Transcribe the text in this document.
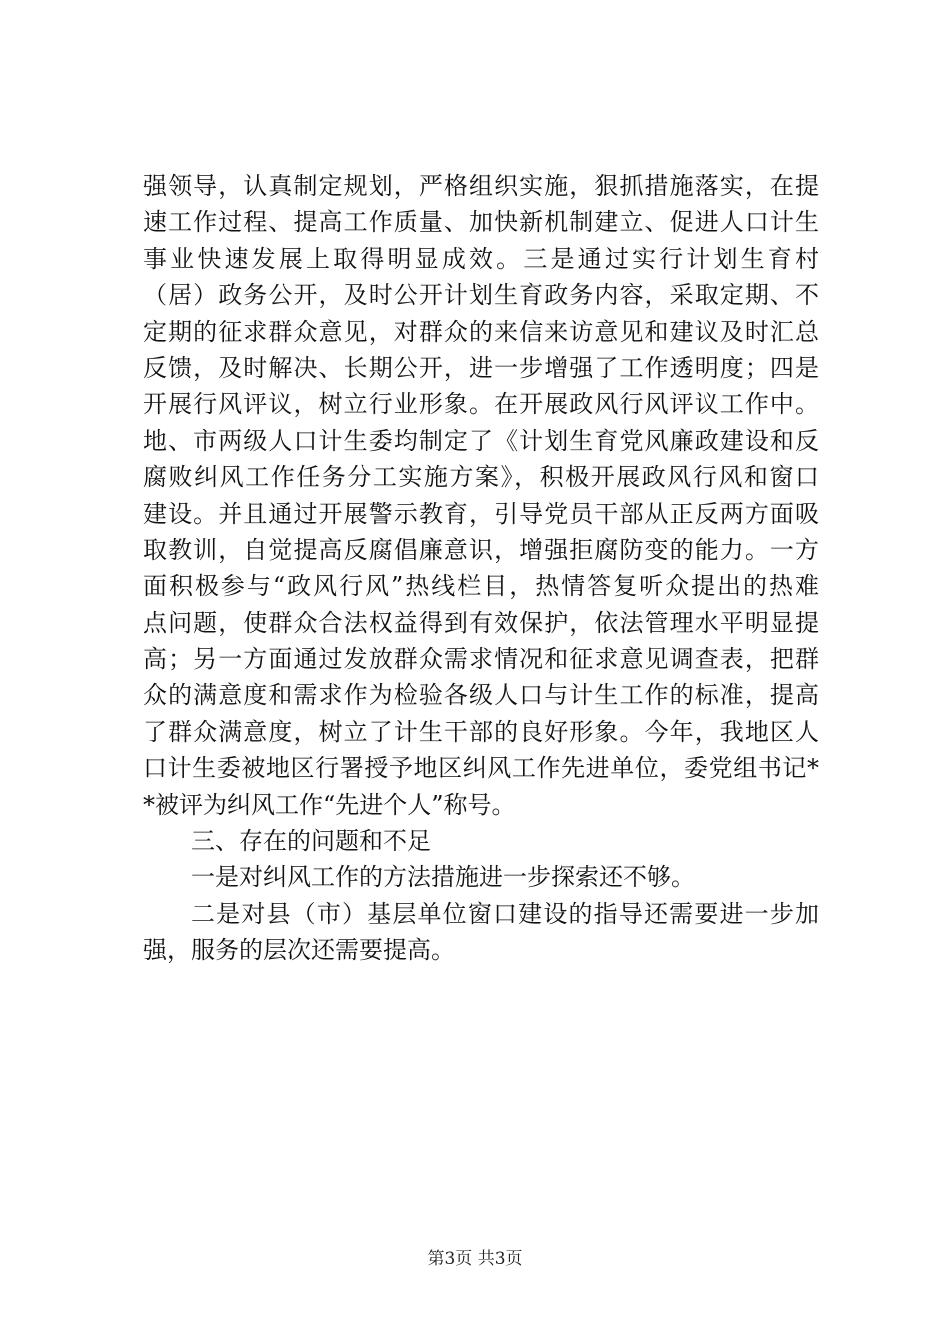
强领导，认真制定规划，严格组织实施，狠抓措施落实，在提
速工作过程、提高工作质量、加快新机制建立、促进人口计生
事业快速发展上取得明显成效。三是通过实行计划生育村
（居）政务公开，及时公开计划生育政务内容，采取定期、不
定期的征求群众意见，对群众的来信来访意见和建议及时汇总
反馈，及时解决、长期公开，进一步增强了工作透明度；四是
开展行风评议，树立行业形象。在开展政风行风评议工作中。
地、市两级人口计生委均制定了《计划生育党风廉政建设和反
腐败纠风工作任务分工实施方案》，积极开展政风行风和窗口
建设。并且通过开展警示教育，引导党员干部从正反两方面吸
取教训，自觉提高反腐倡廉意识，增强拒腐防变的能力。一方
面积极参与“政风行风”热线栏目，热情答复听众提出的热难
点问题，使群众合法权益得到有效保护，依法管理水平明显提
高；另一方面通过发放群众需求情况和征求意见调查表，把群
众的满意度和需求作为检验各级人口与计生工作的标准，提高
了群众满意度，树立了计生干部的良好形象。今年，我地区人
口计生委被地区行署授予地区纠风工作先进单位，委党组书记*
*被评为纠风工作“先进个人”称号。
三、存在的问题和不足
一是对纠风工作的方法措施进一步探索还不够。
二是对县（市）基层单位窗口建设的指导还需要进一步加
强，服务的层次还需要提高。
第3页 共3页
